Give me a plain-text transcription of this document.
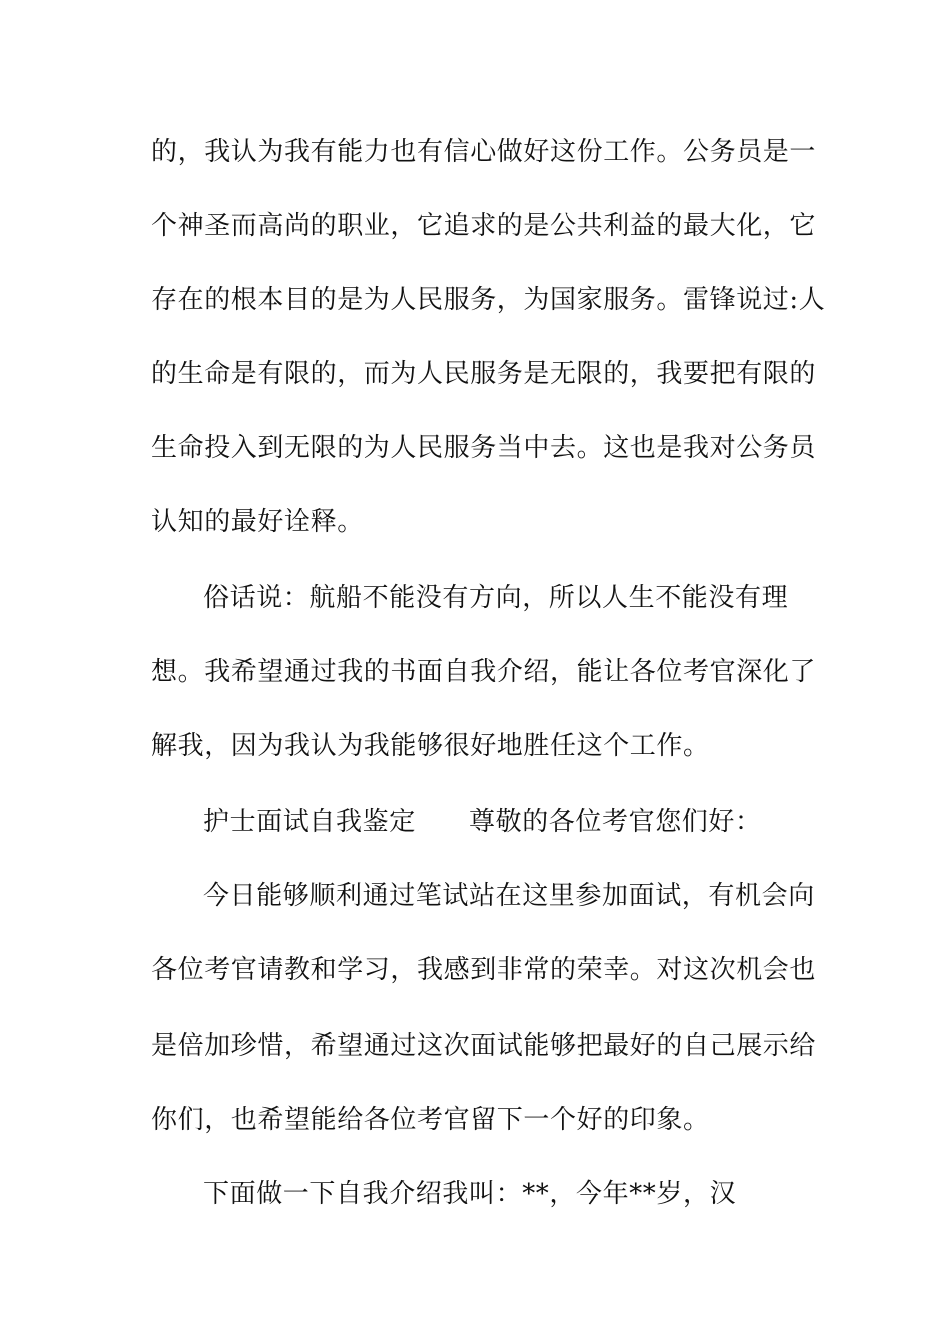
的，我认为我有能力也有信心做好这份工作。公务员是一
个神圣而高尚的职业，它追求的是公共利益的最大化，它
存在的根本目的是为人民服务，为国家服务。雷锋说过:人
的生命是有限的，而为人民服务是无限的，我要把有限的
生命投入到无限的为人民服务当中去。这也是我对公务员
认知的最好诠释。
俗话说：航船不能没有方向，所以人生不能没有理
想。我希望通过我的书面自我介绍，能让各位考官深化了
解我，因为我认为我能够很好地胜任这个工作。
护士面试自我鉴定　　尊敬的各位考官您们好：
今日能够顺利通过笔试站在这里参加面试，有机会向
各位考官请教和学习，我感到非常的荣幸。对这次机会也
是倍加珍惜，希望通过这次面试能够把最好的自己展示给
你们，也希望能给各位考官留下一个好的印象。
下面做一下自我介绍我叫：**，今年**岁，汉
